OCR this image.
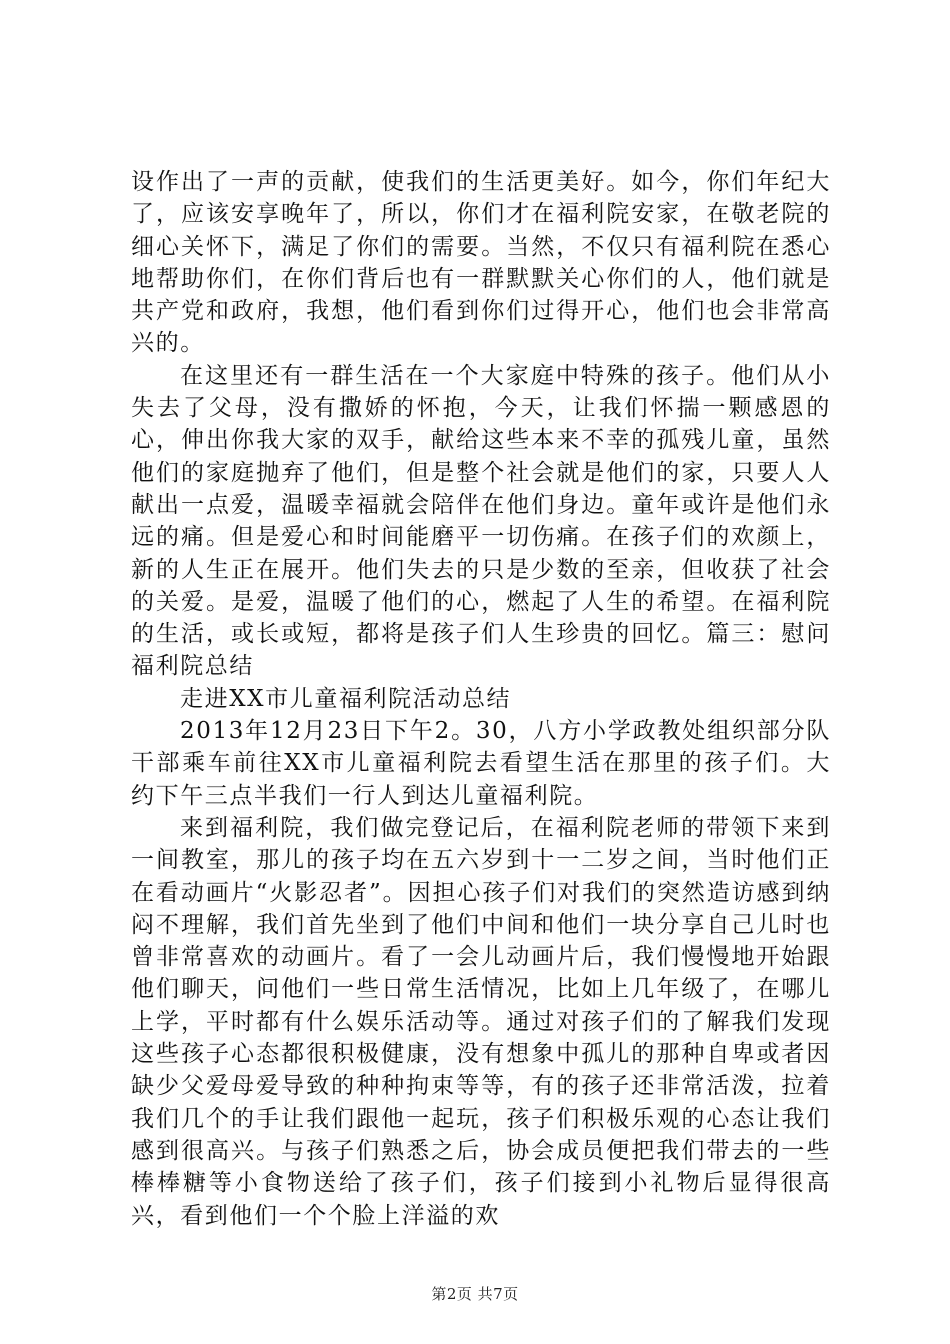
设作出了一声的贡献，使我们的生活更美好。如今，你们年纪大了，应该安享晚年了，所以，你们才在福利院安家，在敬老院的细心关怀下，满足了你们的需要。当然，不仅只有福利院在悉心地帮助你们，在你们背后也有一群默默关心你们的人，他们就是共产党和政府，我想，他们看到你们过得开心，他们也会非常高兴的。

在这里还有一群生活在一个大家庭中特殊的孩子。他们从小失去了父母，没有撒娇的怀抱，今天，让我们怀揣一颗感恩的心，伸出你我大家的双手，献给这些本来不幸的孤残儿童，虽然他们的家庭抛弃了他们，但是整个社会就是他们的家，只要人人献出一点爱，温暖幸福就会陪伴在他们身边。童年或许是他们永远的痛。但是爱心和时间能磨平一切伤痛。在孩子们的欢颜上，新的人生正在展开。他们失去的只是少数的至亲，但收获了社会的关爱。是爱，温暖了他们的心，燃起了人生的希望。在福利院的生活，或长或短，都将是孩子们人生珍贵的回忆。篇三：慰问福利院总结

走进XX市儿童福利院活动总结

2013年12月23日下午2。30，八方小学政教处组织部分队干部乘车前往XX市儿童福利院去看望生活在那里的孩子们。大约下午三点半我们一行人到达儿童福利院。

来到福利院，我们做完登记后，在福利院老师的带领下来到一间教室，那儿的孩子均在五六岁到十一二岁之间，当时他们正在看动画片“火影忍者”。因担心孩子们对我们的突然造访感到纳闷不理解，我们首先坐到了他们中间和他们一块分享自己儿时也曾非常喜欢的动画片。看了一会儿动画片后，我们慢慢地开始跟他们聊天，问他们一些日常生活情况，比如上几年级了，在哪儿上学，平时都有什么娱乐活动等。通过对孩子们的了解我们发现这些孩子心态都很积极健康，没有想象中孤儿的那种自卑或者因缺少父爱母爱导致的种种拘束等等，有的孩子还非常活泼，拉着我们几个的手让我们跟他一起玩，孩子们积极乐观的心态让我们感到很高兴。与孩子们熟悉之后，协会成员便把我们带去的一些棒棒糖等小食物送给了孩子们，孩子们接到小礼物后显得很高兴，看到他们一个个脸上洋溢的欢

第2页 共7页
